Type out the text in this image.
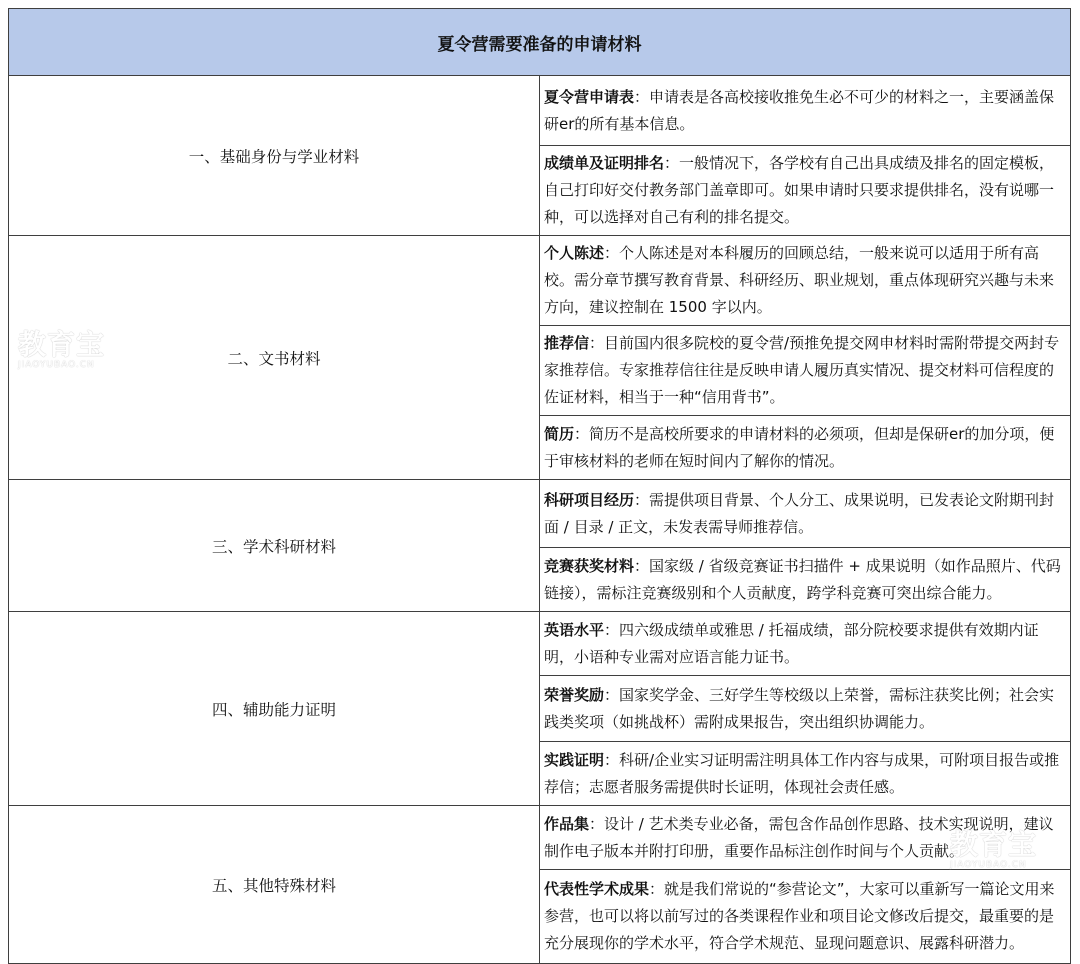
夏令营需要准备的申请材料	
一、基础身份与学业材料	夏令营申请表：申请表是各高校接收推免生必不可少的材料之一，主要涵盖保研er的所有基本信息。
	成绩单及证明排名：一般情况下，各学校有自己出具成绩及排名的固定模板，自己打印好交付教务部门盖章即可。如果申请时只要求提供排名，没有说哪一种，可以选择对自己有利的排名提交。
二、文书材料	个人陈述：个人陈述是对本科履历的回顾总结，一般来说可以适用于所有高校。需分章节撰写教育背景、科研经历、职业规划，重点体现研究兴趣与未来方向，建议控制在 1500 字以内。
	推荐信：目前国内很多院校的夏令营/预推免提交网申材料时需附带提交两封专家推荐信。专家推荐信往往是反映申请人履历真实情况、提交材料可信程度的佐证材料，相当于一种“信用背书”。
	简历：简历不是高校所要求的申请材料的必须项，但却是保研er的加分项，便于审核材料的老师在短时间内了解你的情况。
三、学术科研材料	科研项目经历：需提供项目背景、个人分工、成果说明，已发表论文附期刊封面 / 目录 / 正文，未发表需导师推荐信。
	竞赛获奖材料：国家级 / 省级竞赛证书扫描件 + 成果说明（如作品照片、代码链接），需标注竞赛级别和个人贡献度，跨学科竞赛可突出综合能力。
四、辅助能力证明	英语水平：四六级成绩单或雅思 / 托福成绩，部分院校要求提供有效期内证明，小语种专业需对应语言能力证书。
	荣誉奖励：国家奖学金、三好学生等校级以上荣誉，需标注获奖比例；社会实践类奖项（如挑战杯）需附成果报告，突出组织协调能力。
	实践证明：科研/企业实习证明需注明具体工作内容与成果，可附项目报告或推荐信；志愿者服务需提供时长证明，体现社会责任感。
五、其他特殊材料	作品集：设计 / 艺术类专业必备，需包含作品创作思路、技术实现说明，建议制作电子版本并附打印册，重要作品标注创作时间与个人贡献。
	代表性学术成果：就是我们常说的“参营论文”，大家可以重新写一篇论文用来参营，也可以将以前写过的各类课程作业和项目论文修改后提交，最重要的是充分展现你的学术水平，符合学术规范、显现问题意识、展露科研潜力。
教育宝
JIAOYUBAO.CN
教育宝
JIAOYUBAO.CN
